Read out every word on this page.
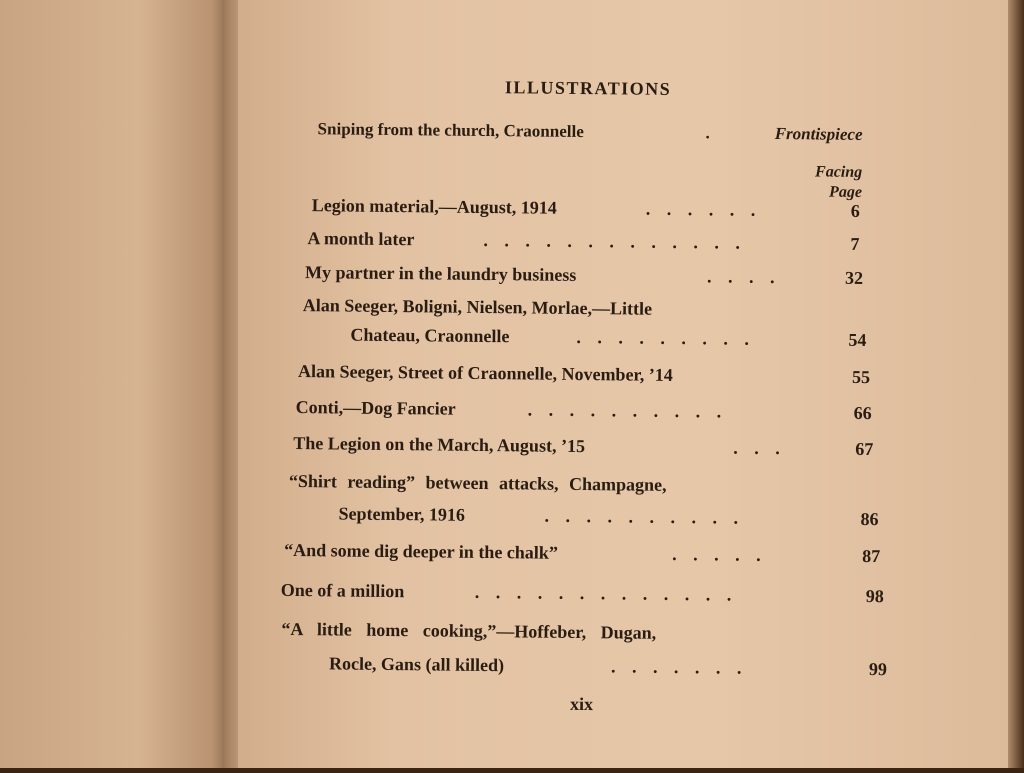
ILLUSTRATIONS
Sniping from the church, Craonnelle	.	Frontispiece
Facing
Page
Legion material,—August, 1914	. . . . . .	6
A month later	. . . . . . . . . . . . .	7
My partner in the laundry business	. . . .	32
Alan Seeger, Boligni, Nielsen, Morlae,—Little
Chateau, Craonnelle	. . . . . . . . .	54
Alan Seeger, Street of Craonnelle, November, ’14	55
Conti,—Dog Fancier	. . . . . . . . . .	66
The Legion on the March, August, ’15	. . .	67
“Shirt reading” between attacks, Champagne,
September, 1916	. . . . . . . . . .	86
“And some dig deeper in the chalk”	. . . . .	87
One of a million	. . . . . . . . . . . . .	98
“A little home cooking,”—Hoffeber, Dugan,
Rocle, Gans (all killed)	. . . . . . .	99
xix
